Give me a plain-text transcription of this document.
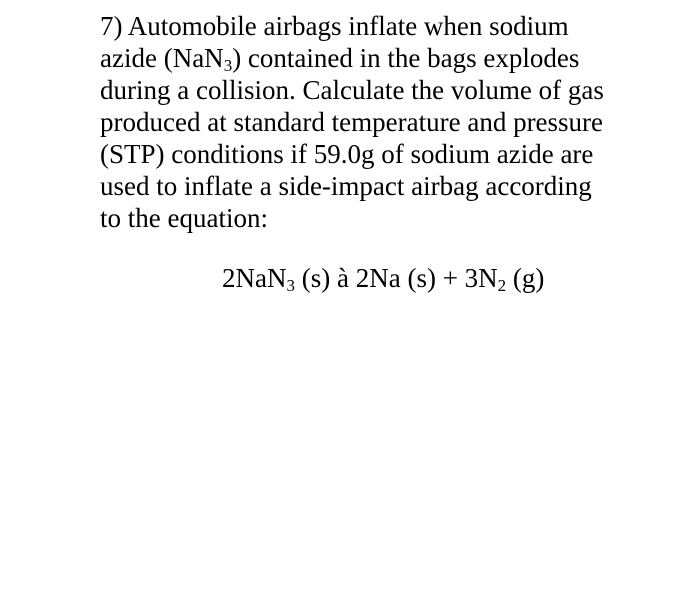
7) Automobile airbags inflate when sodium
azide (NaN$_3$) contained in the bags explodes
during a collision. Calculate the volume of gas
produced at standard temperature and pressure
(STP) conditions if 59.0g of sodium azide are
used to inflate a side-impact airbag according
to the equation:
2NaN$_3$ (s) à 2Na $(s) + 3N_2$ (g)
